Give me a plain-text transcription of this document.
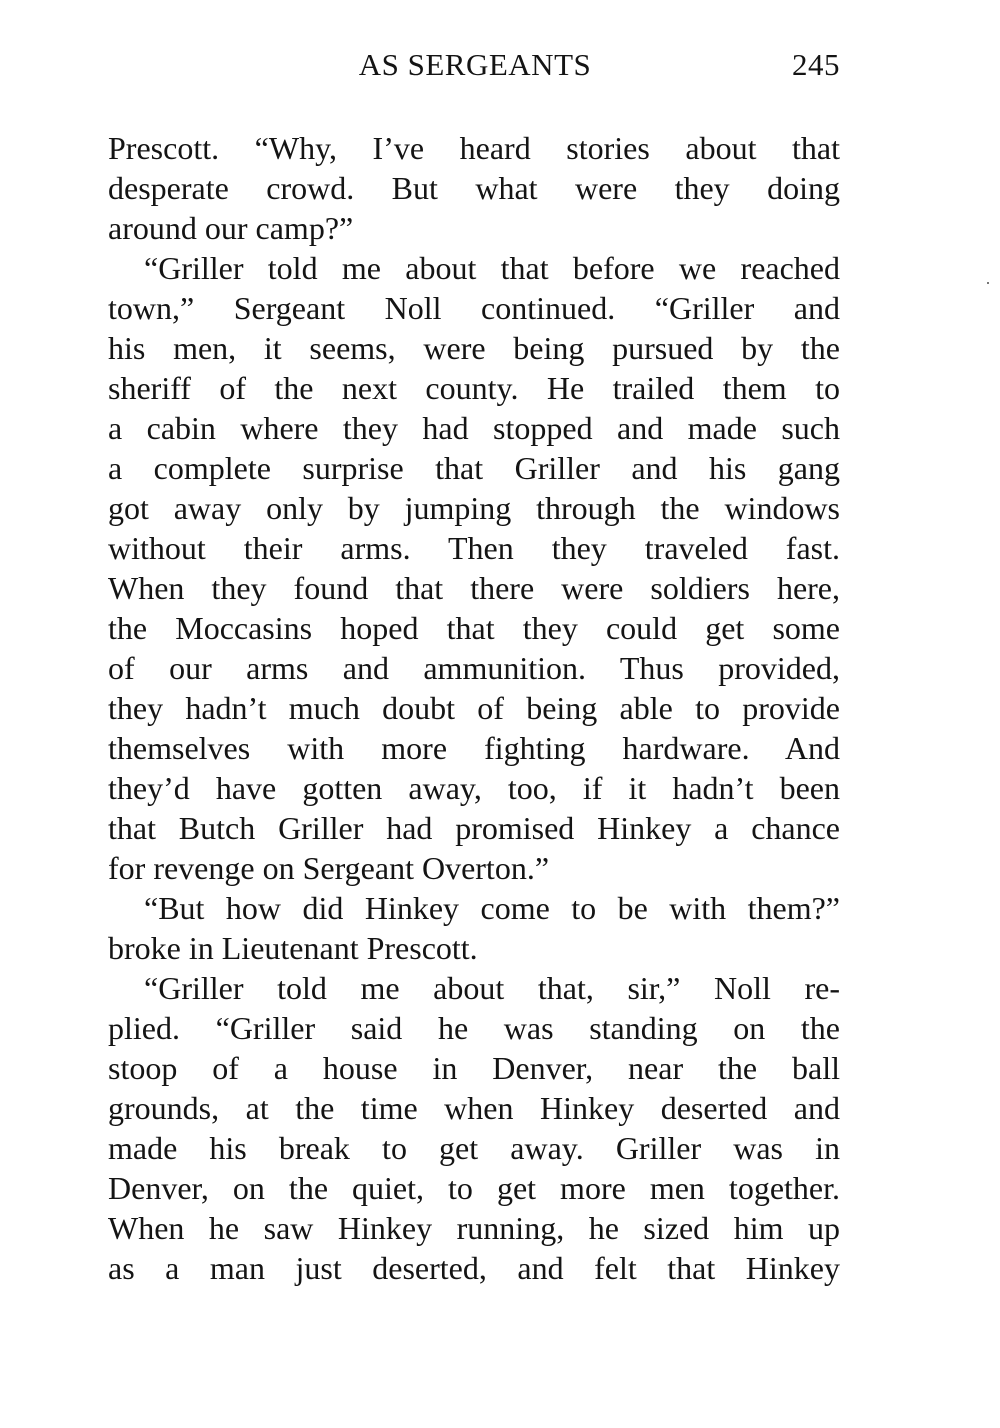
AS SERGEANTS	245
Prescott. “Why, I’ve heard stories about that
desperate crowd. But what were they doing
around our camp?”
“Griller told me about that before we reached
town,” Sergeant Noll continued. “Griller and
his men, it seems, were being pursued by the
sheriff of the next county. He trailed them to
a cabin where they had stopped and made such
a complete surprise that Griller and his gang
got away only by jumping through the windows
without their arms. Then they traveled fast.
When they found that there were soldiers here,
the Moccasins hoped that they could get some
of our arms and ammunition. Thus provided,
they hadn’t much doubt of being able to provide
themselves with more fighting hardware. And
they’d have gotten away, too, if it hadn’t been
that Butch Griller had promised Hinkey a chance
for revenge on Sergeant Overton.”
“But how did Hinkey come to be with them?”
broke in Lieutenant Prescott.
“Griller told me about that, sir,” Noll re-
plied. “Griller said he was standing on the
stoop of a house in Denver, near the ball
grounds, at the time when Hinkey deserted and
made his break to get away. Griller was in
Denver, on the quiet, to get more men together.
When he saw Hinkey running, he sized him up
as a man just deserted, and felt that Hinkey
